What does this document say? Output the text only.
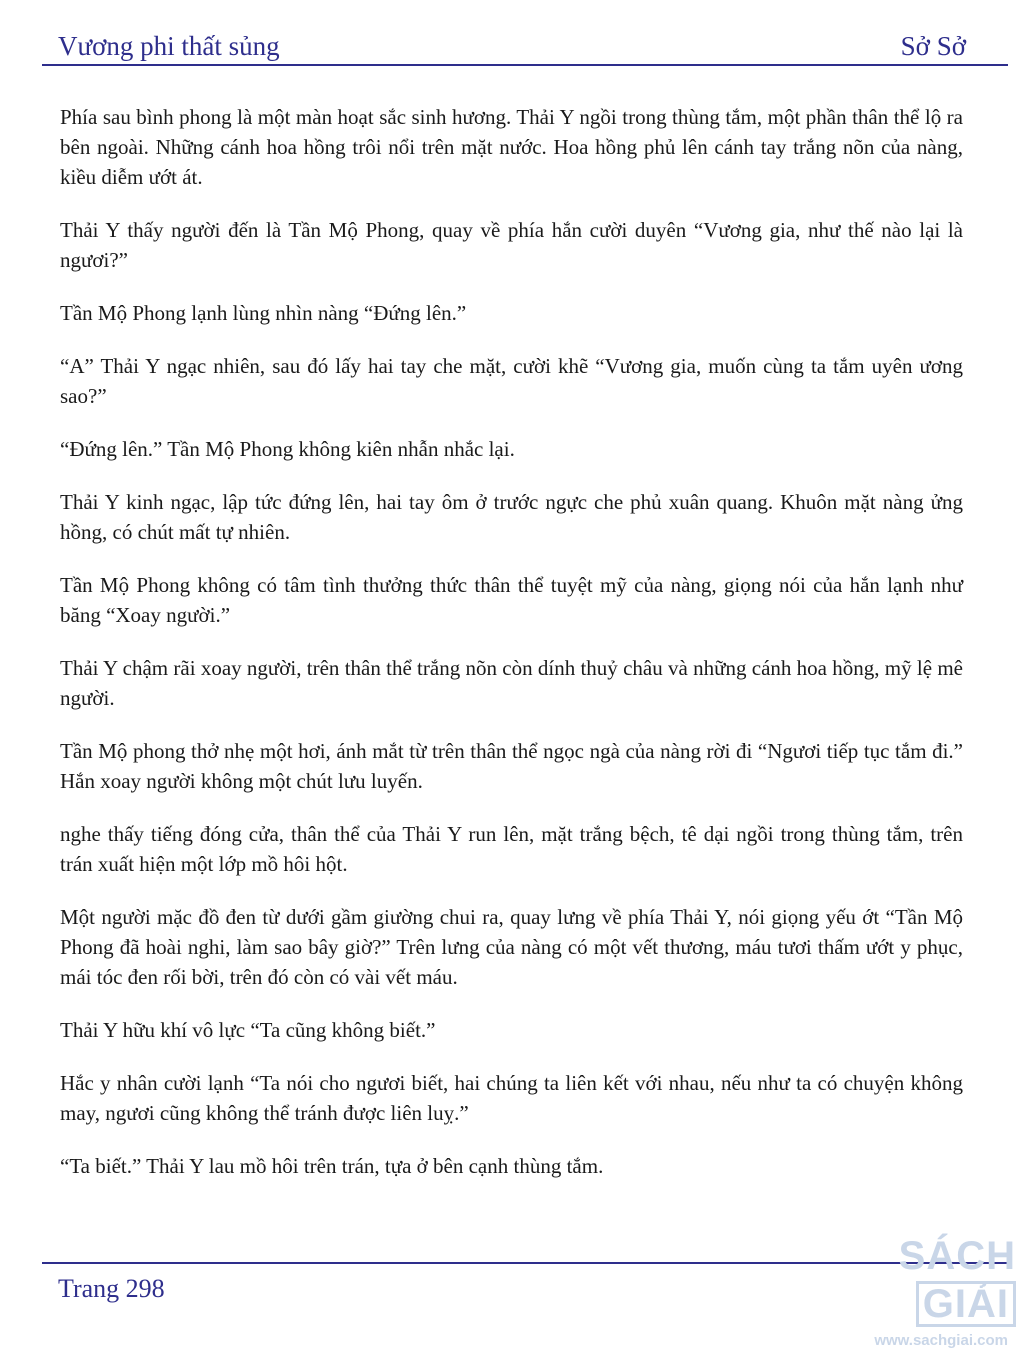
Vương phi thất sủng	Sở Sở

Phía sau bình phong là một màn hoạt sắc sinh hương. Thải Y ngồi trong thùng tắm, một phần thân thể lộ ra bên ngoài. Những cánh hoa hồng trôi nổi trên mặt nước. Hoa hồng phủ lên cánh tay trắng nõn của nàng, kiều diễm ướt át.

Thải Y thấy người đến là Tần Mộ Phong, quay về phía hắn cười duyên “Vương gia, như thế nào lại là ngươi?”

Tần Mộ Phong lạnh lùng nhìn nàng “Đứng lên.”

“A” Thải Y ngạc nhiên, sau đó lấy hai tay che mặt, cười khẽ “Vương gia, muốn cùng ta tắm uyên ương sao?”

“Đứng lên.” Tần Mộ Phong không kiên nhẫn nhắc lại.

Thải Y kinh ngạc, lập tức đứng lên, hai tay ôm ở trước ngực che phủ xuân quang. Khuôn mặt nàng ửng hồng, có chút mất tự nhiên.

Tần Mộ Phong không có tâm tình thưởng thức thân thể tuyệt mỹ của nàng, giọng nói của hắn lạnh như băng “Xoay người.”

Thải Y chậm rãi xoay người, trên thân thể trắng nõn còn dính thuỷ châu và những cánh hoa hồng, mỹ lệ mê người.

Tần Mộ phong thở nhẹ một hơi, ánh mắt từ trên thân thể ngọc ngà của nàng rời đi “Ngươi tiếp tục tắm đi.” Hắn xoay người không một chút lưu luyến.

nghe thấy tiếng đóng cửa, thân thể của Thải Y run lên, mặt trắng bệch, tê dại ngồi trong thùng tắm, trên trán xuất hiện một lớp mồ hôi hột.

Một người mặc đồ đen từ dưới gầm giường chui ra, quay lưng về phía Thải Y, nói giọng yếu ớt “Tần Mộ Phong đã hoài nghi, làm sao bây giờ?” Trên lưng của nàng có một vết thương, máu tươi thấm ướt y phục, mái tóc đen rối bời, trên đó còn có vài vết máu.

Thải Y hữu khí vô lực “Ta cũng không biết.”

Hắc y nhân cười lạnh “Ta nói cho ngươi biết, hai chúng ta liên kết với nhau, nếu như ta có chuyện không may, ngươi cũng không thể tránh được liên luỵ.”

“Ta biết.” Thải Y lau mồ hôi trên trán, tựa ở bên cạnh thùng tắm.

Trang 298
SÁCHGIẢI
www.sachgiai.com
